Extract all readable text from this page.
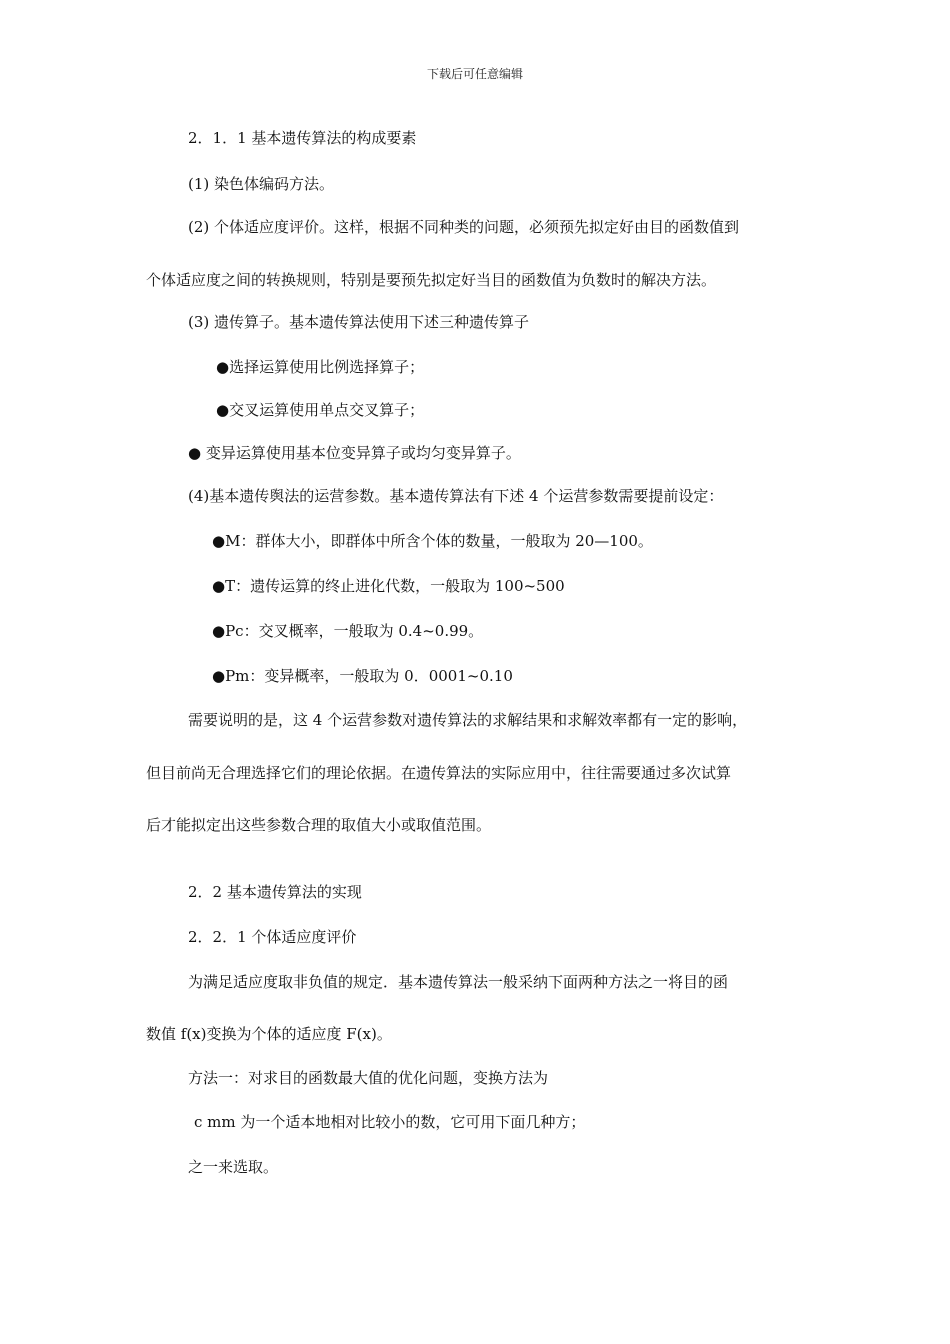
下载后可任意编辑
2．1．1 基本遗传算法的构成要素
(1) 染色体编码方法。
(2) 个体适应度评价。这样，根据不同种类的问题，必须预先拟定好由目的函数值到
个体适应度之间的转换规则，特别是要预先拟定好当目的函数值为负数时的解决方法。
(3) 遗传算子。基本遗传算法使用下述三种遗传算子
●选择运算使用比例选择算子；
●交叉运算使用单点交叉算子；
● 变异运算使用基本位变异算子或均匀变异算子。
(4)基本遗传舆法的运营参数。基本遗传算法有下述 4 个运营参数需要提前设定：
●M：群体大小，即群体中所含个体的数量，一般取为 20—100。
●T：遗传运算的终止进化代数，一般取为 100~500
●Pc：交叉概率，一般取为 0.4~0.99。
●Pm：变异概率，一般取为 0．0001~0.10
需要说明的是，这 4 个运营参数对遗传算法的求解结果和求解效率都有一定的影响，
但目前尚无合理选择它们的理论依据。在遗传算法的实际应用中，往往需要通过多次试算
后才能拟定出这些参数合理的取值大小或取值范围。
2．2 基本遗传算法的实现
2．2．1 个体适应度评价
为满足适应度取非负值的规定．基本遗传算法一般采纳下面两种方法之一将目的函
数值 f(x)变换为个体的适应度 F(x)。
方法一：对求目的函数最大值的优化问题，变换方法为
c mm 为一个适本地相对比较小的数，它可用下面几种方；
之一来选取。
